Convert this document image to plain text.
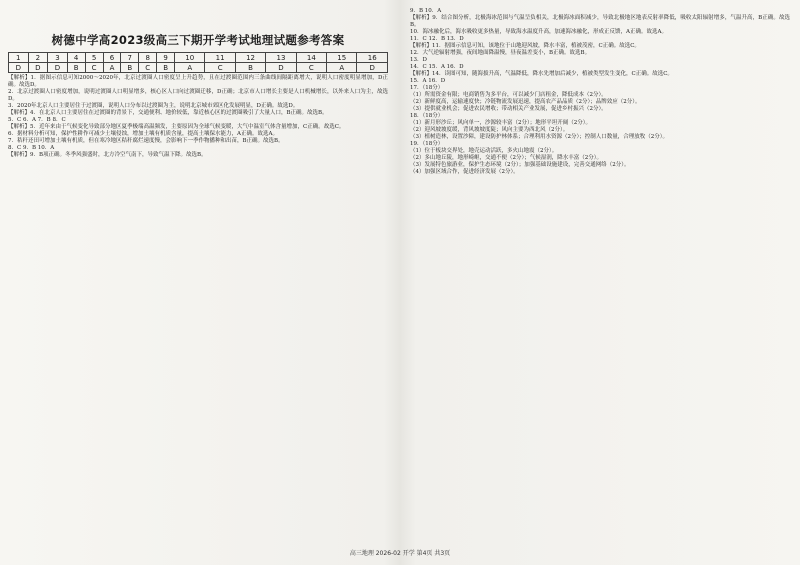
树德中学高2023级高三下期开学考试地理试题参考答案
1	2	3	4	5	6	7	8	9	10	11	12	13	14	15	16
D	D	D	B	C	A	B	C	B	A	C	B	D	C	A	D

【解析】1．据图示信息可知2000～2020年，北京过渡圈人口密度呈上升趋势，且在过渡圈范围内三条曲线间隔距离增大，说明人口密度明显增加，D正确。故选D。

2．北京过渡圈人口密度增加，说明过渡圈人口明显增多，核心区人口向过渡圈迁移，D正确；北京市人口增长主要是人口机械增长，以外来人口为主，故选D。

3．2020年北京人口主要居住于过渡圈，说明人口分布以过渡圈为主，说明北京城市郊区化发展明显，D正确。故选D。

【解析】4．在北京人口主要居住在过渡圈的背景下，交通便利、地价较低，靠近核心区的过渡圈吸引了大量人口，B正确。故选B。

5．C 6．A 7．B 8．C

【解析】5．近年来由于气候变化导致部分地区夏季极端高温频发，主要原因为全球气候变暖，大气中温室气体含量增加，C正确。故选C。

6．据材料分析可知，保护性耕作可减少土壤侵蚀，增加土壤有机质含量，提高土壤保水能力，A正确。故选A。

7．秸秆还田可增加土壤有机质，但在寒冷地区秸秆腐烂速度慢，会影响下一季作物播种和出苗，B正确。故选B。

8．C 9．B 10．A

【解析】9．B项正确。冬季风强盛时，北方冷空气南下，导致气温下降。故选B。

9．B 10．A

【解析】9．结合图分析，北极海冰范围与气温呈负相关，北极海冰面积减少，导致北极地区地表反射率降低，吸收太阳辐射增多，气温升高，B正确。故选B。

10．海冰融化后，海水吸收更多热量，导致海水温度升高，加速海冰融化，形成正反馈，A正确。故选A。

11．C 12．B 13．D

【解析】11．据图示信息可知，该地位于山地迎风坡，降水丰富，植被茂密，C正确。故选C。

12．大气逆辐射增强，夜间地面降温慢，昼夜温差变小，B正确。故选B。

13．D

14．C 15．A 16．D

【解析】14．读图可知，随海拔升高，气温降低，降水先增加后减少，植被类型发生变化，C正确。故选C。

15．A 16．D

17．（18分）

（1）所需资金有限；电商销售为多平台，可以减少门店租金，降低成本（2分）。

（2）新鲜度高，运输速度快；冷链物流发展迅速，提高农产品品质（2分）；品牌效应（2分）。

（3）提供就业机会；促进农民增收；带动相关产业发展，促进乡村振兴（2分）。

18．（18分）

（1）新月形沙丘；风向单一，沙源较丰富（2分）；地形平坦开阔（2分）。

（2）迎风坡坡度缓，背风坡坡度陡；风向主要为西北风（2分）。

（3）植树造林，设置沙障，建设防护林体系；合理利用水资源（2分）；控制人口数量，合理放牧（2分）。

19．（18分）

（1）位于板块交界处，地壳运动活跃，多火山地震（2分）。

（2）多山地丘陵，地形崎岖，交通不便（2分）；气候湿润，降水丰富（2分）。

（3）发展特色旅游业，保护生态环境（2分）；加强基础设施建设，完善交通网络（2分）。

（4）加强区域合作，促进经济发展（2分）。

高三地理 2026-02 开学 第4页 共3页
